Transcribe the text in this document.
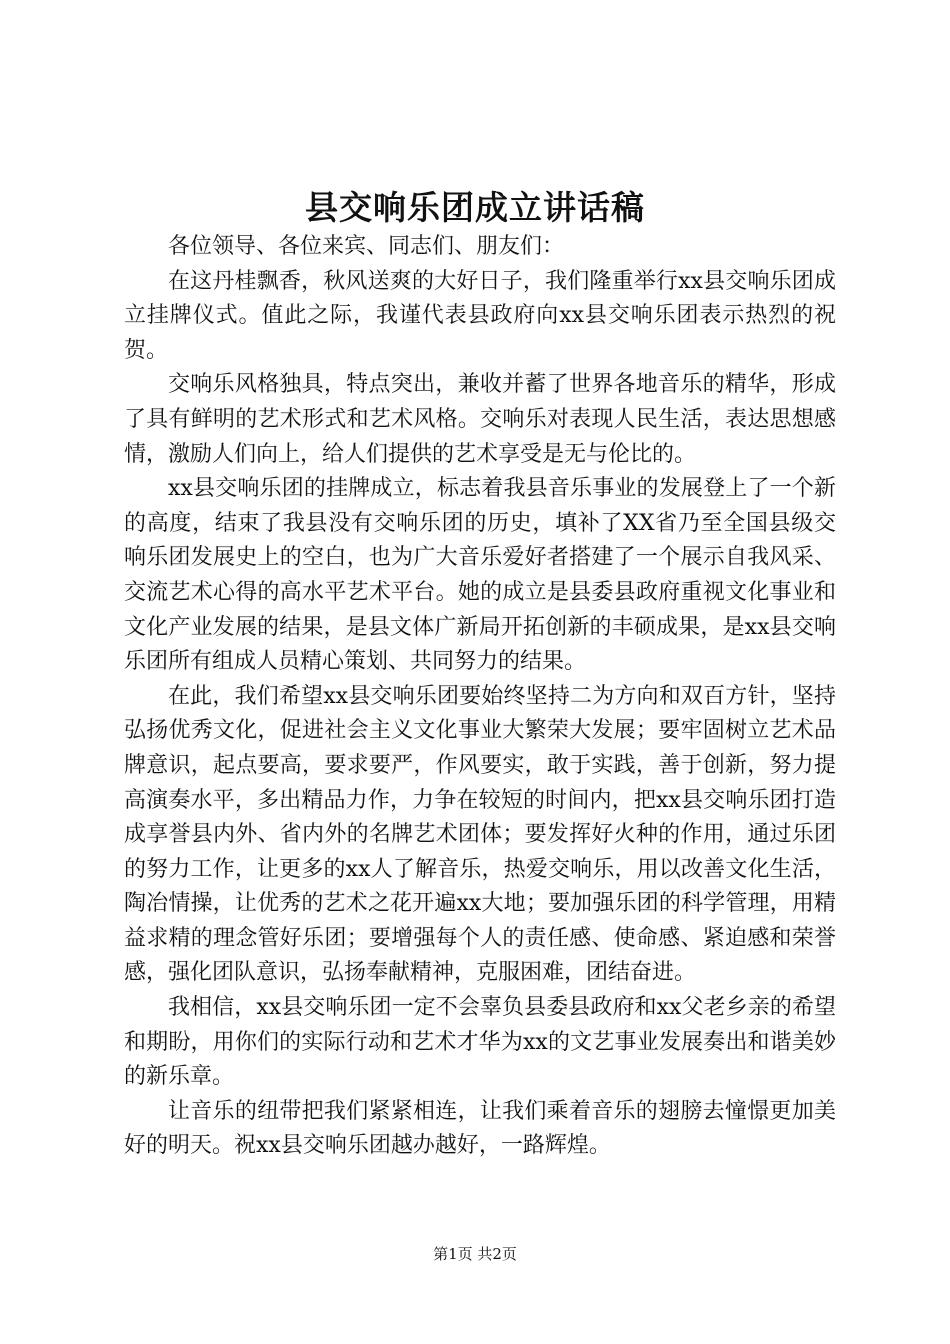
县交响乐团成立讲话稿

各位领导、各位来宾、同志们、朋友们：

在这丹桂飘香，秋风送爽的大好日子，我们隆重举行xx县交响乐团成立挂牌仪式。值此之际，我谨代表县政府向xx县交响乐团表示热烈的祝贺。

交响乐风格独具，特点突出，兼收并蓄了世界各地音乐的精华，形成了具有鲜明的艺术形式和艺术风格。交响乐对表现人民生活，表达思想感情，激励人们向上，给人们提供的艺术享受是无与伦比的。

xx县交响乐团的挂牌成立，标志着我县音乐事业的发展登上了一个新的高度，结束了我县没有交响乐团的历史，填补了XX省乃至全国县级交响乐团发展史上的空白，也为广大音乐爱好者搭建了一个展示自我风采、交流艺术心得的高水平艺术平台。她的成立是县委县政府重视文化事业和文化产业发展的结果，是县文体广新局开拓创新的丰硕成果，是xx县交响乐团所有组成人员精心策划、共同努力的结果。

在此，我们希望xx县交响乐团要始终坚持二为方向和双百方针，坚持弘扬优秀文化，促进社会主义文化事业大繁荣大发展；要牢固树立艺术品牌意识，起点要高，要求要严，作风要实，敢于实践，善于创新，努力提高演奏水平，多出精品力作，力争在较短的时间内，把xx县交响乐团打造成享誉县内外、省内外的名牌艺术团体；要发挥好火种的作用，通过乐团的努力工作，让更多的xx人了解音乐，热爱交响乐，用以改善文化生活，陶冶情操，让优秀的艺术之花开遍xx大地；要加强乐团的科学管理，用精益求精的理念管好乐团；要增强每个人的责任感、使命感、紧迫感和荣誉感，强化团队意识，弘扬奉献精神，克服困难，团结奋进。

我相信，xx县交响乐团一定不会辜负县委县政府和xx父老乡亲的希望和期盼，用你们的实际行动和艺术才华为xx的文艺事业发展奏出和谐美妙的新乐章。

让音乐的纽带把我们紧紧相连，让我们乘着音乐的翅膀去憧憬更加美好的明天。祝xx县交响乐团越办越好，一路辉煌。

第1页 共2页
